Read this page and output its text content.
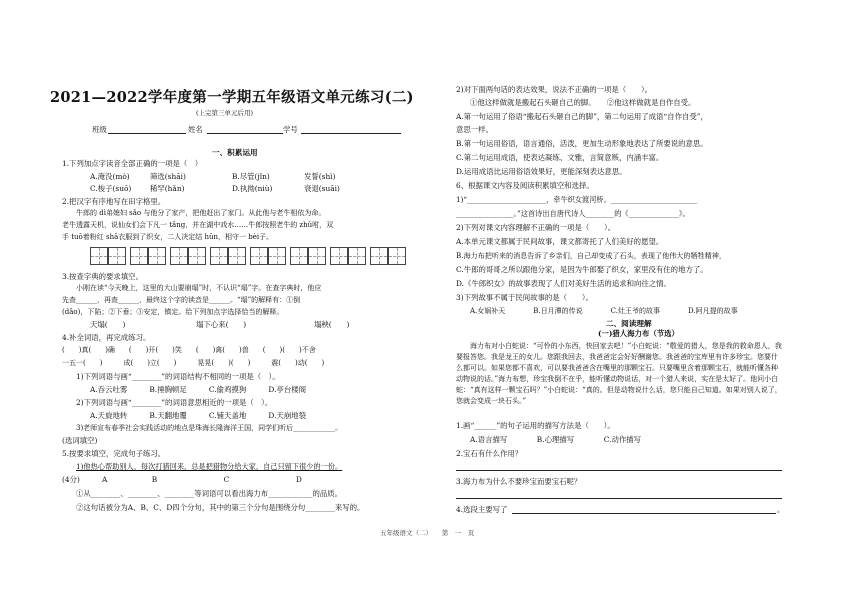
2021—2022学年度第一学期五年级语文单元练习(二)
(上完第三单元后用)
班级	姓名	学号
一、积累运用
1.下列加点字读音全部正确的一项是（　）
A.淹没(mò)	筛选(shāi)	B.尽管(jǐn)	发誓(shì)
C.梭子(suō)	稀罕(hǎn)	D.执拗(niù)	衰退(suāi)
2.把汉字有序地写在田字格里。
牛郎的 dì弟媳妇 sǎo 与他分了家产，把他赶出了家门。从此他与老牛相依为命。
老牛透露天机，说仙女们会下凡一 tǎng，并在湖中戏水……牛郎按照老牛的 zhǔ咐，双
手 tuō着粉红 shā衣服到了织女，二人决定结 hūn，相守一 bèi子。
3.按查字典的要求填空。
小刚在读“今天晚上，这里的大山要崩塌”时，不认识“塌”字。在查字典时，他应
先查______，再查______，最终这个字的读音是______。“塌”的解释有：①倒
(dǎo)，下陷；②下垂；③安定，镇定。给下列加点字选择恰当的解释。
天塌(　　)	塌下心来(　　)	塌秧(　　)
4.补全词语，再完成练习。
(　　)真(　　)确　　(　　)开(　　)笑　　(　　)禽(　　)兽　　(　　)(　　)不舍
一五一(　　)　　　成(　　)立(　　)　　　晃晃(　　)(　　)　　　震(　　)动(　　)
1)下列词语与画“________”的词语结构不相同的一项是（　）。
A.吞云吐雾　　　B.捶胸顿足　　　C.偷鸡摸狗　　　D.亭台楼阁
2)下列词语与画“________”的词语意思相近的一项是（　）。
A.天旋地转　　　B.天翻地覆　　　C.铺天盖地　　　D.天崩地裂
3)老师宣布春季社会实践活动的地点是珠海长隆海洋王国，同学们听后____________。
(选词填空)
5.按要求填空，完成句子练习。
1)他热心帮助别人，每次打猎回来，总是把猎物分给大家，自己只留下很少的一份。
(4分)　　　A　　　　　　B　　　　　　　　　C　　　　　　　　　D
①从________、________、________等词语可以看出海力布____________的品质。
②这句话被分为A、B、C、D四个分句，其中的第三个分句是围绕分句________来写的。
2)对下面两句话的表达效果，说法不正确的一项是（　　）。
①他这样做就是搬起石头砸自己的脚。　　②他这样做就是自作自受。
A.第一句运用了俗语“搬起石头砸自己的脚”，第二句运用了成语“自作自受”，
意思一样。
B.第一句运用俗语，语言通俗，活泼，更加生动形象地表达了所要说的意思。
C.第二句运用成语，使表达凝练、文雅，言简意赅，内涵丰富。
D.运用成语比运用俗语效果好，更能深刻表达意思。
6、根据课文内容及阅读积累填空和选择。
1)“______________________，牵牛织女渡河桥。________________________
________________。”这首诗出自唐代诗人________的《______________》。
2)下列对课文内容理解不正确的一项是（　　）。
A.本单元课文都属于民间故事，课文都寄托了人们美好的愿望。
B.海力布把听来的消息告诉了乡亲们，自己却变成了石头，表现了他伟大的牺牲精神，
C.牛郎的哥哥之所以跟他分家，是因为牛郎娶了织女，家里没有住的地方了。
D.《牛郎织女》的故事表现了人们对美好生活的追求和向往之情。
3)下列故事不属于民间故事的是（　　）。
A.女娲补天　　　　B.日月潭的传说　　　　C.灶王爷的故事　　　　D.阿凡提的故事
二、阅读理解
(一)猎人海力布（节选）
海力布对小白蛇说：“可怜的小东西，快回家去吧！”小白蛇说：“敬爱的猎人，您是我的救命恩人，我要报答您。我是龙王的女儿。您跟我回去，我爸爸定会好好酬谢您。我爸爸的宝库里有许多珍宝。您要什么都可以。如果您都不喜欢，可以要我爸爸含在嘴里的那颗宝石。只要嘴里含着那颗宝石，就能听懂各种动物说的话。”海力布想，珍宝我倒不在乎，能听懂动物说话，对一个猎人来说，实在是太好了。他问小白蛇：“真有这样一颗宝石吗？”小白蛇说：“真的。但是动物说什么话，您只能自己知道。如果对别人说了，您就会变成一块石头。”
1.画“______”的句子运用的描写方法是（　　）。
A.语言描写　　　　B.心理描写　　　　C.动作描写
2.宝石有什么作用？
3.海力布为什么不要珍宝而要宝石呢？
4.选段主要写了	。
五年级语文（二）　　第　一　页
